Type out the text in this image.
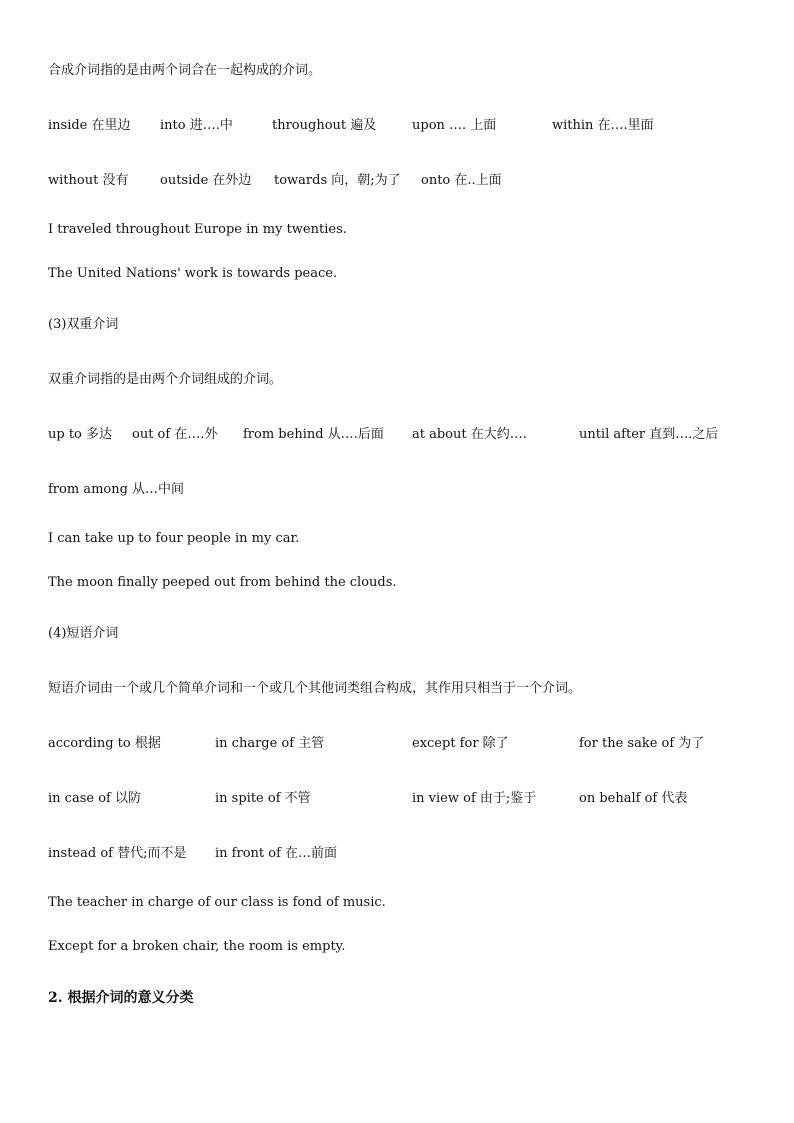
合成介词指的是由两个词合在一起构成的介词。
inside 在里边 into 进….中	throughout 遍及	upon …. 上面	within 在….里面
without 没有 outside 在外边 towards 向，朝;为了 onto 在..上面
I traveled throughout Europe in my twenties.
The United Nations' work is towards peace.
(3)双重介词
双重介词指的是由两个介词组成的介词。
up to 多达 out of 在….外 from behind 从….后面 at about 在大约….	until after 直到….之后
from among 从…中间
I can take up to four people in my car.
The moon finally peeped out from behind the clouds.
(4)短语介词
短语介词由一个或几个简单介词和一个或几个其他词类组合构成，其作用只相当于一个介词。
according to 根据	in charge of 主管	except for 除了	for the sake of 为了
in case of 以防	in spite of 不管	in view of 由于;鉴于	on behalf of 代表
instead of 替代;而不是 in front of 在…前面
The teacher in charge of our class is fond of music.
Except for a broken chair, the room is empty.
2. 根据介词的意义分类
